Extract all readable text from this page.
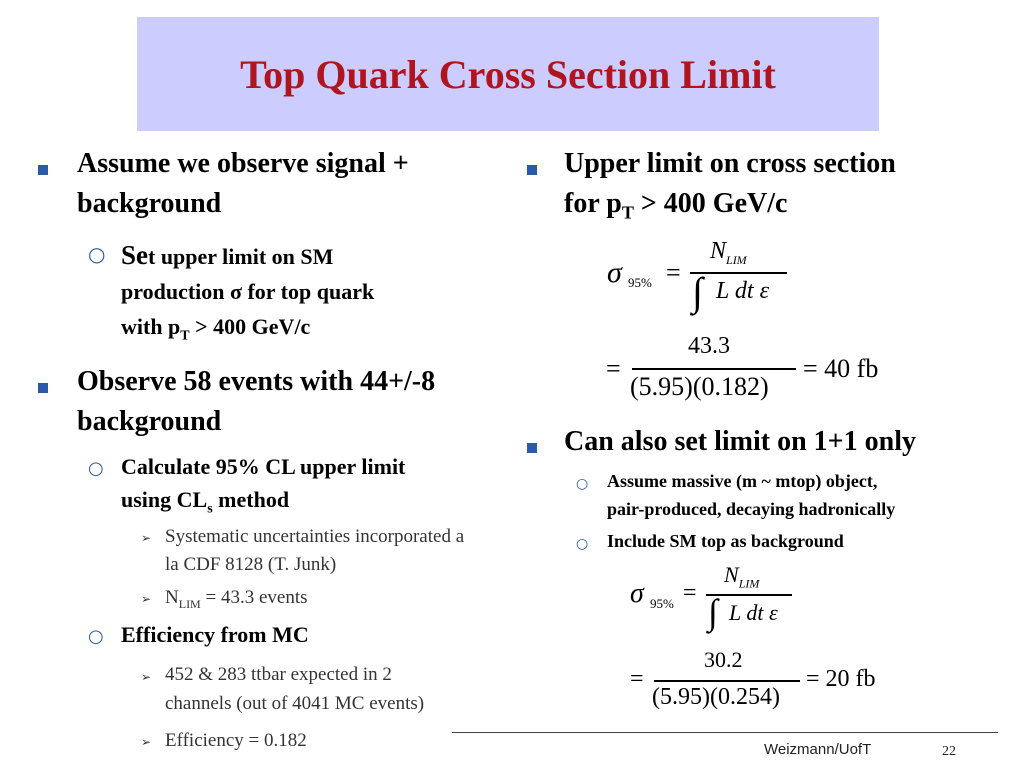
Top Quark Cross Section Limit
Assume we observe signal +
background
○ Set upper limit on SM
production σ for top quark
with $p_T > 400$ GeV/c
Observe 58 events with 44+/-8
background
○ Calculate 95% CL upper limit
using $CL_s$ method
➢ Systematic uncertainties incorporated a
la CDF 8128 (T. Junk)
➢ $N_{LIM} = 43.3$ events
○ Efficiency from MC
➢ 452 & 283 ttbar expected in 2
channels (out of 4041 MC events)
➢ Efficiency = 0.182
Upper limit on cross section
for $p_T > 400$ GeV/c
σ 95% =
$N_{LIM}$
∫ L dt ε
=
43.3
(5.95)(0.182)
= 40 fb
Can also set limit on 1+1 only
○ Assume massive (m ~ mtop) object,
pair-produced, decaying hadronically
○ Include SM top as background
σ 95% =
$N_{LIM}$
∫ L dt ε
=
30.2
(5.95)(0.254)
= 20 fb
Weizmann/UofT	22
